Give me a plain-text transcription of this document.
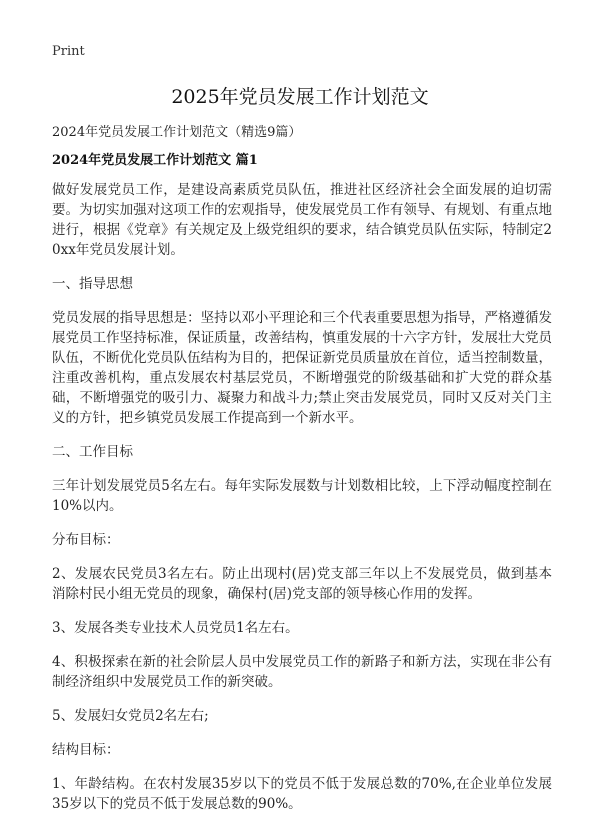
Print
2025年党员发展工作计划范文
2024年党员发展工作计划范文（精选9篇）
2024年党员发展工作计划范文 篇1

做好发展党员工作，是建设高素质党员队伍，推进社区经济社会全面发展的迫切需要。为切实加强对这项工作的宏观指导，使发展党员工作有领导、有规划、有重点地进行，根据《党章》有关规定及上级党组织的要求，结合镇党员队伍实际，特制定20xx年党员发展计划。

一、指导思想

党员发展的指导思想是：坚持以邓小平理论和三个代表重要思想为指导，严格遵循发展党员工作坚持标准，保证质量，改善结构，慎重发展的十六字方针，发展壮大党员队伍，不断优化党员队伍结构为目的，把保证新党员质量放在首位，适当控制数量，注重改善机构，重点发展农村基层党员，不断增强党的阶级基础和扩大党的群众基础，不断增强党的吸引力、凝聚力和战斗力;禁止突击发展党员，同时又反对关门主义的方针，把乡镇党员发展工作提高到一个新水平。

二、工作目标

三年计划发展党员5名左右。每年实际发展数与计划数相比较，上下浮动幅度控制在10%以内。

分布目标：

2、发展农民党员3名左右。防止出现村(居)党支部三年以上不发展党员，做到基本消除村民小组无党员的现象，确保村(居)党支部的领导核心作用的发挥。

3、发展各类专业技术人员党员1名左右。

4、积极探索在新的社会阶层人员中发展党员工作的新路子和新方法，实现在非公有制经济组织中发展党员工作的新突破。

5、发展妇女党员2名左右;

结构目标：

1、年龄结构。在农村发展35岁以下的党员不低于发展总数的70%,在企业单位发展35岁以下的党员不低于发展总数的90%。
